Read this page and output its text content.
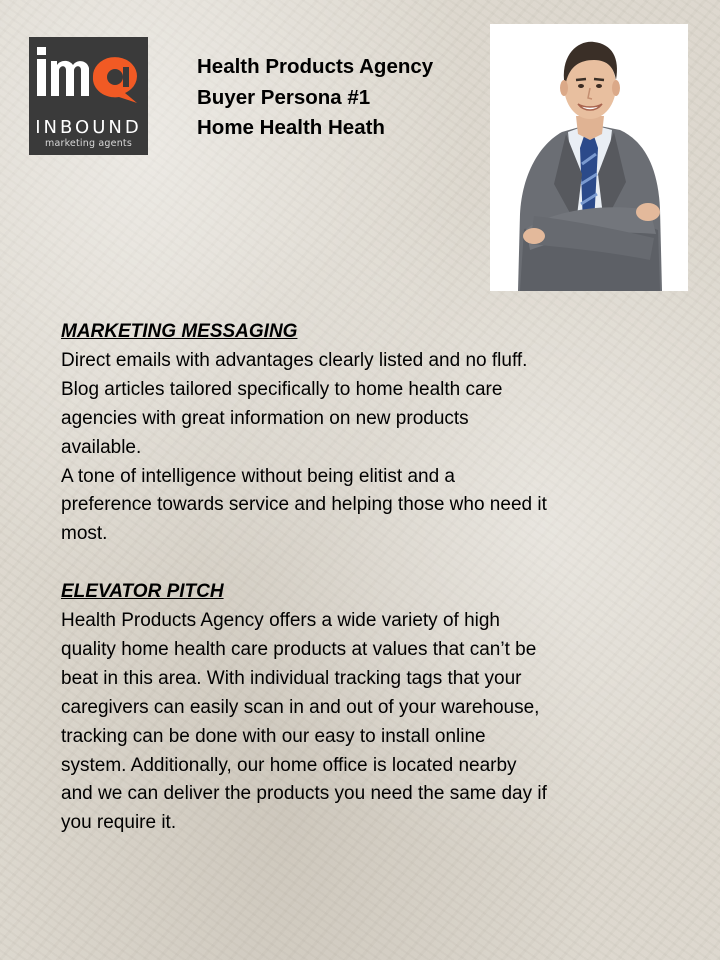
INBOUND
marketing agents
Health Products Agency
Buyer Persona #1
Home Health Heath

MARKETING MESSAGING

Direct emails with advantages clearly listed and no fluff.

Blog articles tailored specifically to home health care

agencies with great information on new products

available.

A tone of intelligence without being elitist and a

preference towards service and helping those who need it

most.

ELEVATOR PITCH

Health Products Agency offers a wide variety of high

quality home health care products at values that can’t be

beat in this area. With individual tracking tags that your

caregivers can easily scan in and out of your warehouse,

tracking can be done with our easy to install online

system. Additionally, our home office is located nearby

and we can deliver the products you need the same day if

you require it.
